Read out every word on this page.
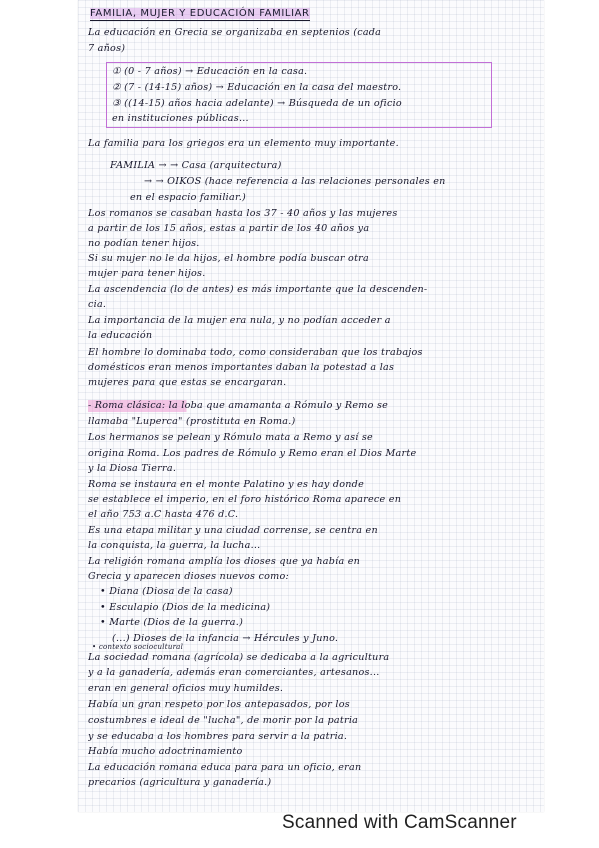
FAMILIA, MUJER Y EDUCACIÓN FAMILIAR
La educación en Grecia se organizaba en septenios (cada
7 años)
① (0 - 7 años) → Educación en la casa.
② (7 - (14-15) años) → Educación en la casa del maestro.
③ ((14-15) años hacia adelante) → Búsqueda de un oficio
en instituciones públicas...
La familia para los griegos era un elemento muy importante.
FAMILIA → → Casa (arquitectura)
→ → OIKOS (hace referencia a las relaciones personales en
en el espacio familiar.)
Los romanos se casaban hasta los 37 - 40 años y las mujeres
a partir de los 15 años, estas a partir de los 40 años ya
no podían tener hijos.
Si su mujer no le da hijos, el hombre podía buscar otra
mujer para tener hijos.
La ascendencia (lo de antes) es más importante que la descenden-
cia.
La importancia de la mujer era nula, y no podían acceder a
la educación
El hombre lo dominaba todo, como consideraban que los trabajos
domésticos eran menos importantes daban la potestad a las
mujeres para que estas se encargaran.
- Roma clásica: la loba que amamanta a Rómulo y Remo se
llamaba "Luperca" (prostituta en Roma.)
Los hermanos se pelean y Rómulo mata a Remo y así se
origina Roma. Los padres de Rómulo y Remo eran el Dios Marte
y la Diosa Tierra.
Roma se instaura en el monte Palatino y es hay donde
se establece el imperio, en el foro histórico Roma aparece en
el año 753 a.C hasta 476 d.C.
Es una etapa militar y una ciudad corrense, se centra en
la conquista, la guerra, la lucha...
La religión romana amplía los dioses que ya había en
Grecia y aparecen dioses nuevos como:
• Diana (Diosa de la casa)
• Esculapio (Dios de la medicina)
• Marte (Dios de la guerra.)
(...) Dioses de la infancia → Hércules y Juno.
• contexto sociocultural
La sociedad romana (agrícola) se dedicaba a la agricultura
y a la ganadería, además eran comerciantes, artesanos...
eran en general oficios muy humildes.
Había un gran respeto por los antepasados, por los
costumbres e ideal de "lucha", de morir por la patria
y se educaba a los hombres para servir a la patria.
Había mucho adoctrinamiento
La educación romana educa para para un oficio, eran
precarios (agricultura y ganadería.)
Scanned with CamScanner
